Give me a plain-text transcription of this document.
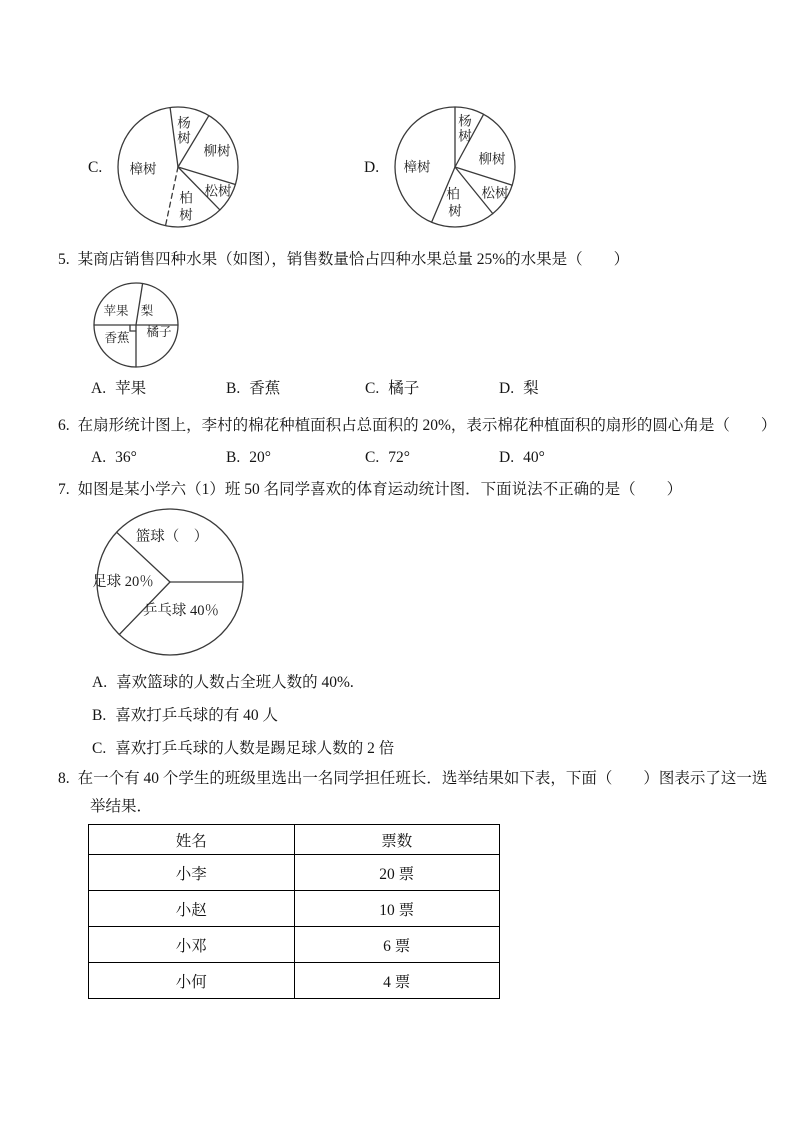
C. 樟树
杨
树
柳树
松树
柏
树
D. 樟树
杨
树
柳树
松树
柏
树
5. 某商店销售四种水果（如图），销售数量恰占四种水果总量 25%的水果是（　　）
苹果 梨
橘子
香蕉
A. 苹果	B. 香蕉	C. 橘子	D. 梨
6. 在扇形统计图上，李村的棉花种植面积占总面积的 20%，表示棉花种植面积的扇形的圆心角是（　　）
A. 36°	B. 20°	C. 72°	D. 40°
7. 如图是某小学六（1）班 50 名同学喜欢的体育运动统计图．下面说法不正确的是（　　）
篮球（　）
足球 20％
乒乓球 40％
A. 喜欢篮球的人数占全班人数的 40%.
B. 喜欢打乒乓球的有 40 人
C. 喜欢打乒乓球的人数是踢足球人数的 2 倍
8. 在一个有 40 个学生的班级里选出一名同学担任班长．选举结果如下表，下面（　　）图表示了这一选
举结果．
姓名	票数
小李	20 票
小赵	10 票
小邓	6 票
小何	4 票
